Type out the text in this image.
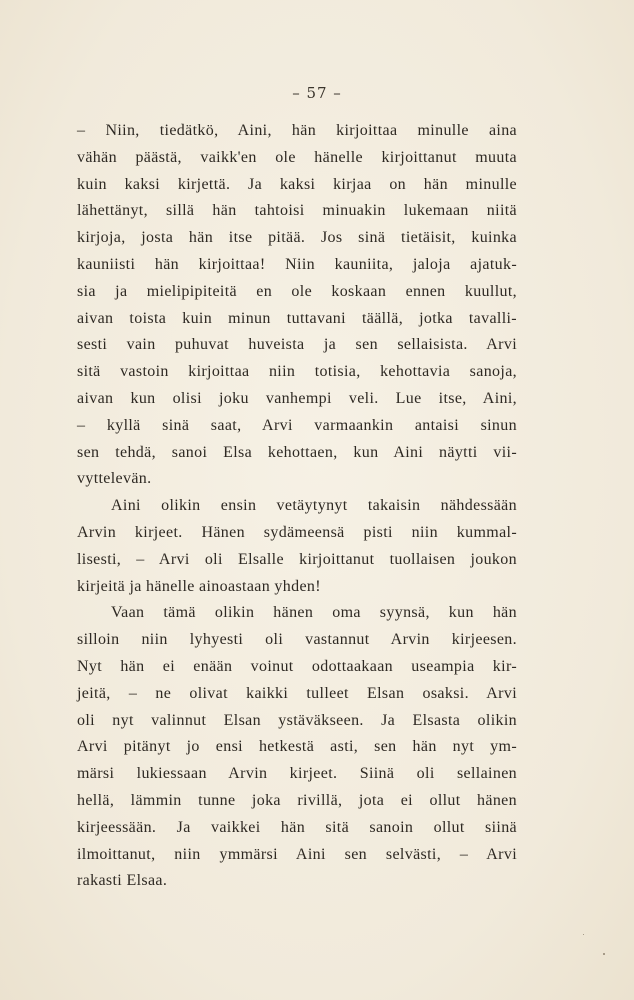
– 57 –
– Niin, tiedätkö, Aini, hän kirjoittaa minulle aina
vähän päästä, vaikk'en ole hänelle kirjoittanut muuta
kuin kaksi kirjettä. Ja kaksi kirjaa on hän minulle
lähettänyt, sillä hän tahtoisi minuakin lukemaan niitä
kirjoja, josta hän itse pitää. Jos sinä tietäisit, kuinka
kauniisti hän kirjoittaa! Niin kauniita, jaloja ajatuk-
sia ja mielipipiteitä en ole koskaan ennen kuullut,
aivan toista kuin minun tuttavani täällä, jotka tavalli-
sesti vain puhuvat huveista ja sen sellaisista. Arvi
sitä vastoin kirjoittaa niin totisia, kehottavia sanoja,
aivan kun olisi joku vanhempi veli. Lue itse, Aini,
– kyllä sinä saat, Arvi varmaankin antaisi sinun
sen tehdä, sanoi Elsa kehottaen, kun Aini näytti vii-
vyttelevän.
Aini olikin ensin vetäytynyt takaisin nähdessään
Arvin kirjeet. Hänen sydämeensä pisti niin kummal-
lisesti, – Arvi oli Elsalle kirjoittanut tuollaisen joukon
kirjeitä ja hänelle ainoastaan yhden!
Vaan tämä olikin hänen oma syynsä, kun hän
silloin niin lyhyesti oli vastannut Arvin kirjeesen.
Nyt hän ei enään voinut odottaakaan useampia kir-
jeitä, – ne olivat kaikki tulleet Elsan osaksi. Arvi
oli nyt valinnut Elsan ystäväkseen. Ja Elsasta olikin
Arvi pitänyt jo ensi hetkestä asti, sen hän nyt ym-
märsi lukiessaan Arvin kirjeet. Siinä oli sellainen
hellä, lämmin tunne joka rivillä, jota ei ollut hänen
kirjeessään. Ja vaikkei hän sitä sanoin ollut siinä
ilmoittanut, niin ymmärsi Aini sen selvästi, – Arvi
rakasti Elsaa.
